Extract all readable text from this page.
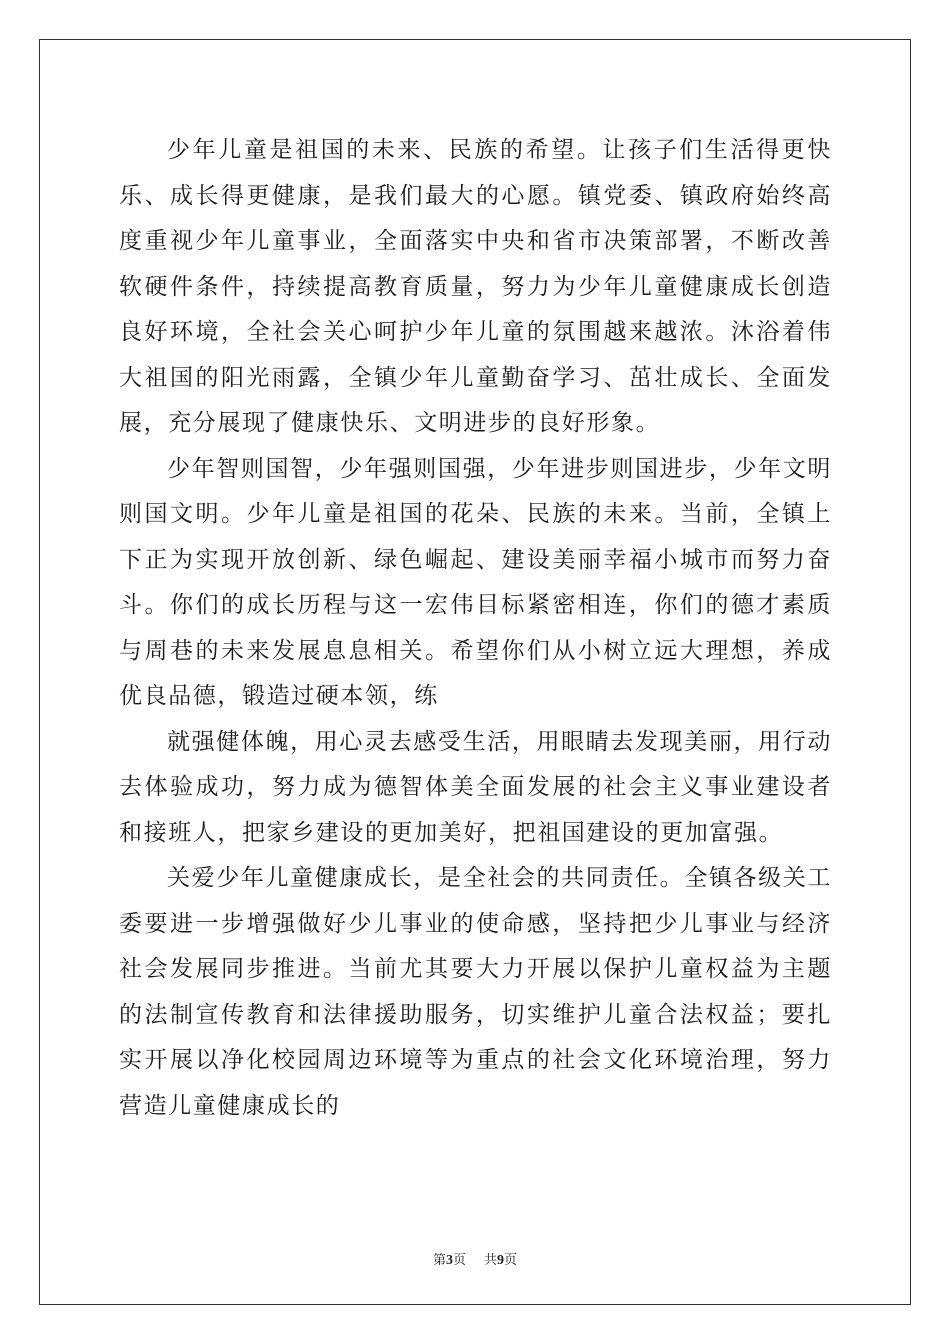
少年儿童是祖国的未来、民族的希望。让孩子们生活得更快乐、成长得更健康，是我们最大的心愿。镇党委、镇政府始终高度重视少年儿童事业，全面落实中央和省市决策部署，不断改善软硬件条件，持续提高教育质量，努力为少年儿童健康成长创造良好环境，全社会关心呵护少年儿童的氛围越来越浓。沐浴着伟大祖国的阳光雨露，全镇少年儿童勤奋学习、茁壮成长、全面发展，充分展现了健康快乐、文明进步的良好形象。

少年智则国智，少年强则国强，少年进步则国进步，少年文明则国文明。少年儿童是祖国的花朵、民族的未来。当前，全镇上下正为实现开放创新、绿色崛起、建设美丽幸福小城市而努力奋斗。你们的成长历程与这一宏伟目标紧密相连，你们的德才素质与周巷的未来发展息息相关。希望你们从小树立远大理想，养成优良品德，锻造过硬本领，练

就强健体魄，用心灵去感受生活，用眼睛去发现美丽，用行动去体验成功，努力成为德智体美全面发展的社会主义事业建设者和接班人，把家乡建设的更加美好，把祖国建设的更加富强。

关爱少年儿童健康成长，是全社会的共同责任。全镇各级关工委要进一步增强做好少儿事业的使命感，坚持把少儿事业与经济社会发展同步推进。当前尤其要大力开展以保护儿童权益为主题的法制宣传教育和法律援助服务，切实维护儿童合法权益；要扎实开展以净化校园周边环境等为重点的社会文化环境治理，努力营造儿童健康成长的

第3页 共9页
